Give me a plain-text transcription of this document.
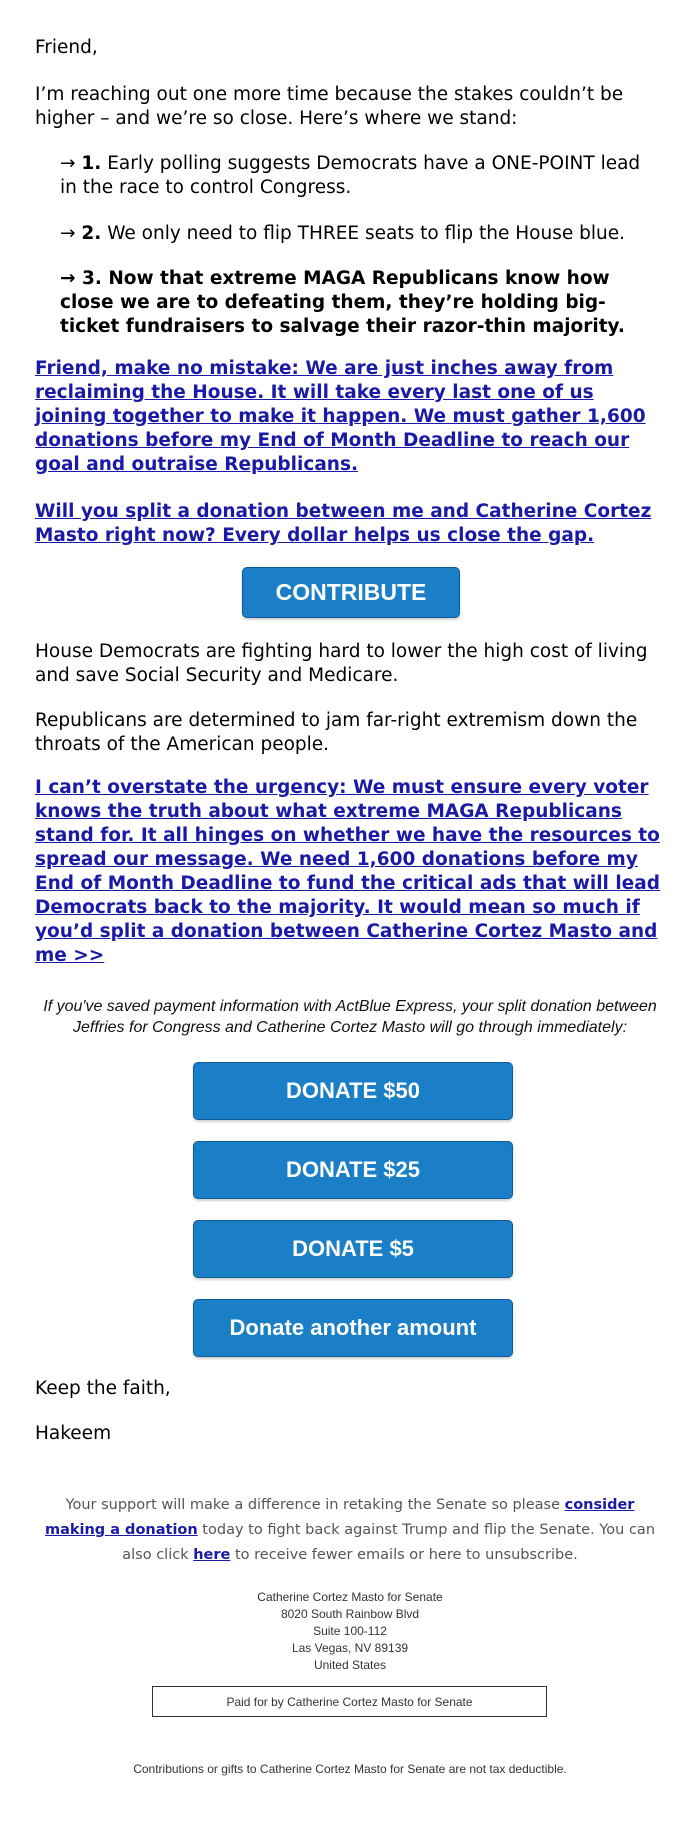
Friend,

I’m reaching out one more time because the stakes couldn’t be higher – and we’re so close. Here’s where we stand:

→ 1. Early polling suggests Democrats have a ONE-POINT lead in the race to control Congress.

→ 2. We only need to flip THREE seats to flip the House blue.

→ 3. Now that extreme MAGA Republicans know how close we are to defeating them, they’re holding big-ticket fundraisers to salvage their razor-thin majority.

Friend, make no mistake: We are just inches away from reclaiming the House. It will take every last one of us joining together to make it happen. We must gather 1,600 donations before my End of Month Deadline to reach our goal and outraise Republicans.
Will you split a donation between me and Catherine Cortez Masto right now? Every dollar helps us close the gap.
CONTRIBUTE

House Democrats are fighting hard to lower the high cost of living and save Social Security and Medicare.

Republicans are determined to jam far-right extremism down the throats of the American people.

I can’t overstate the urgency: We must ensure every voter knows the truth about what extreme MAGA Republicans stand for. It all hinges on whether we have the resources to spread our message. We need 1,600 donations before my End of Month Deadline to fund the critical ads that will lead Democrats back to the majority. It would mean so much if you’d split a donation between Catherine Cortez Masto and me >>

If you've saved payment information with ActBlue Express, your split donation between Jeffries for Congress and Catherine Cortez Masto will go through immediately:

DONATE $50
DONATE $25
DONATE $5
Donate another amount

Keep the faith,

Hakeem

Your support will make a difference in retaking the Senate so please consider making a donation today to fight back against Trump and flip the Senate. You can also click here to receive fewer emails or here to unsubscribe.

Catherine Cortez Masto for Senate
8020 South Rainbow Blvd
Suite 100-112
Las Vegas, NV 89139
United States
Paid for by Catherine Cortez Masto for Senate

Contributions or gifts to Catherine Cortez Masto for Senate are not tax deductible.
